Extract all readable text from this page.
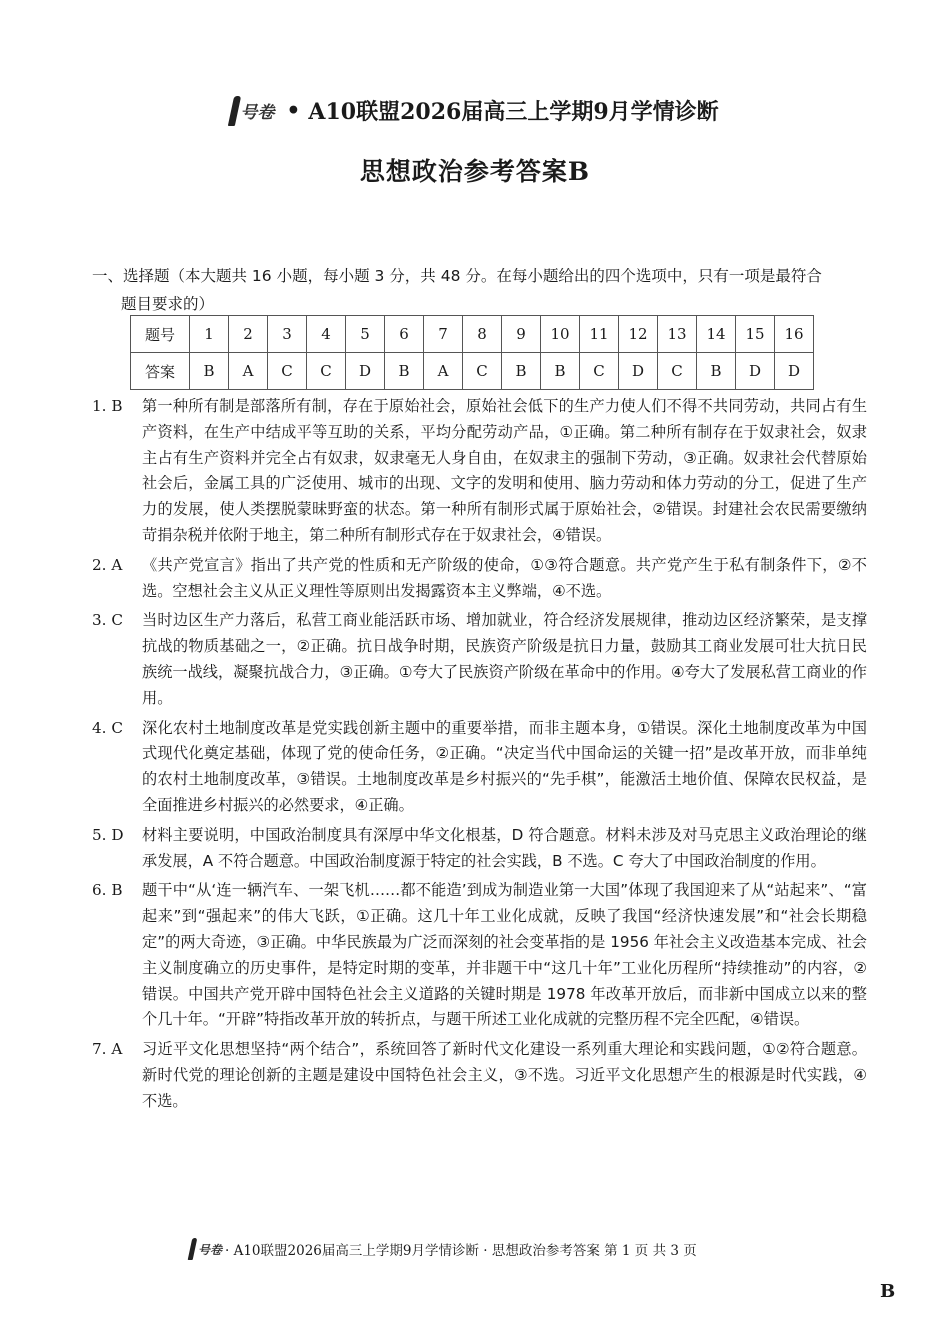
号卷 • A10联盟2026届高三上学期9月学情诊断
思想政治参考答案B
一、选择题（本大题共 16 小题，每小题 3 分，共 48 分。在每小题给出的四个选项中，只有一项是最符合
题目要求的）
题号	1	2	3	4	5	6	7	8	9	10	11	12	13	14	15	16
答案	B	A	C	C	D	B	A	C	B	B	C	D	C	B	D	D
1. B	第一种所有制是部落所有制，存在于原始社会，原始社会低下的生产力使人们不得不共同劳动，共同占有生产资料，在生产中结成平等互助的关系，平均分配劳动产品，①正确。第二种所有制存在于奴隶社会，奴隶主占有生产资料并完全占有奴隶，奴隶毫无人身自由，在奴隶主的强制下劳动，③正确。奴隶社会代替原始社会后，金属工具的广泛使用、城市的出现、文字的发明和使用、脑力劳动和体力劳动的分工，促进了生产力的发展，使人类摆脱蒙昧野蛮的状态。第一种所有制形式属于原始社会，②错误。封建社会农民需要缴纳苛捐杂税并依附于地主，第二种所有制形式存在于奴隶社会，④错误。
2. A	《共产党宣言》指出了共产党的性质和无产阶级的使命，①③符合题意。共产党产生于私有制条件下，②不选。空想社会主义从正义理性等原则出发揭露资本主义弊端，④不选。
3. C	当时边区生产力落后，私营工商业能活跃市场、增加就业，符合经济发展规律，推动边区经济繁荣，是支撑抗战的物质基础之一，②正确。抗日战争时期，民族资产阶级是抗日力量，鼓励其工商业发展可壮大抗日民族统一战线，凝聚抗战合力，③正确。①夸大了民族资产阶级在革命中的作用。④夸大了发展私营工商业的作用。
4. C	深化农村土地制度改革是党实践创新主题中的重要举措，而非主题本身，①错误。深化土地制度改革为中国式现代化奠定基础，体现了党的使命任务，②正确。“决定当代中国命运的关键一招”是改革开放，而非单纯的农村土地制度改革，③错误。土地制度改革是乡村振兴的“先手棋”，能激活土地价值、保障农民权益，是全面推进乡村振兴的必然要求，④正确。
5. D	材料主要说明，中国政治制度具有深厚中华文化根基，D 符合题意。材料未涉及对马克思主义政治理论的继承发展，A 不符合题意。中国政治制度源于特定的社会实践，B 不选。C 夸大了中国政治制度的作用。
6. B	题干中“从‘连一辆汽车、一架飞机……都不能造’到成为制造业第一大国”体现了我国迎来了从“站起来”、“富起来”到“强起来”的伟大飞跃，①正确。这几十年工业化成就，反映了我国“经济快速发展”和“社会长期稳定”的两大奇迹，③正确。中华民族最为广泛而深刻的社会变革指的是 1956 年社会主义改造基本完成、社会主义制度确立的历史事件，是特定时期的变革，并非题干中“这几十年”工业化历程所“持续推动”的内容，②错误。中国共产党开辟中国特色社会主义道路的关键时期是 1978 年改革开放后，而非新中国成立以来的整个几十年。“开辟”特指改革开放的转折点，与题干所述工业化成就的完整历程不完全匹配，④错误。
7. A	习近平文化思想坚持“两个结合”，系统回答了新时代文化建设一系列重大理论和实践问题，①②符合题意。新时代党的理论创新的主题是建设中国特色社会主义，③不选。习近平文化思想产生的根源是时代实践，④不选。
号卷 · A10联盟2026届高三上学期9月学情诊断 · 思想政治参考答案 第 1 页 共 3 页
B
